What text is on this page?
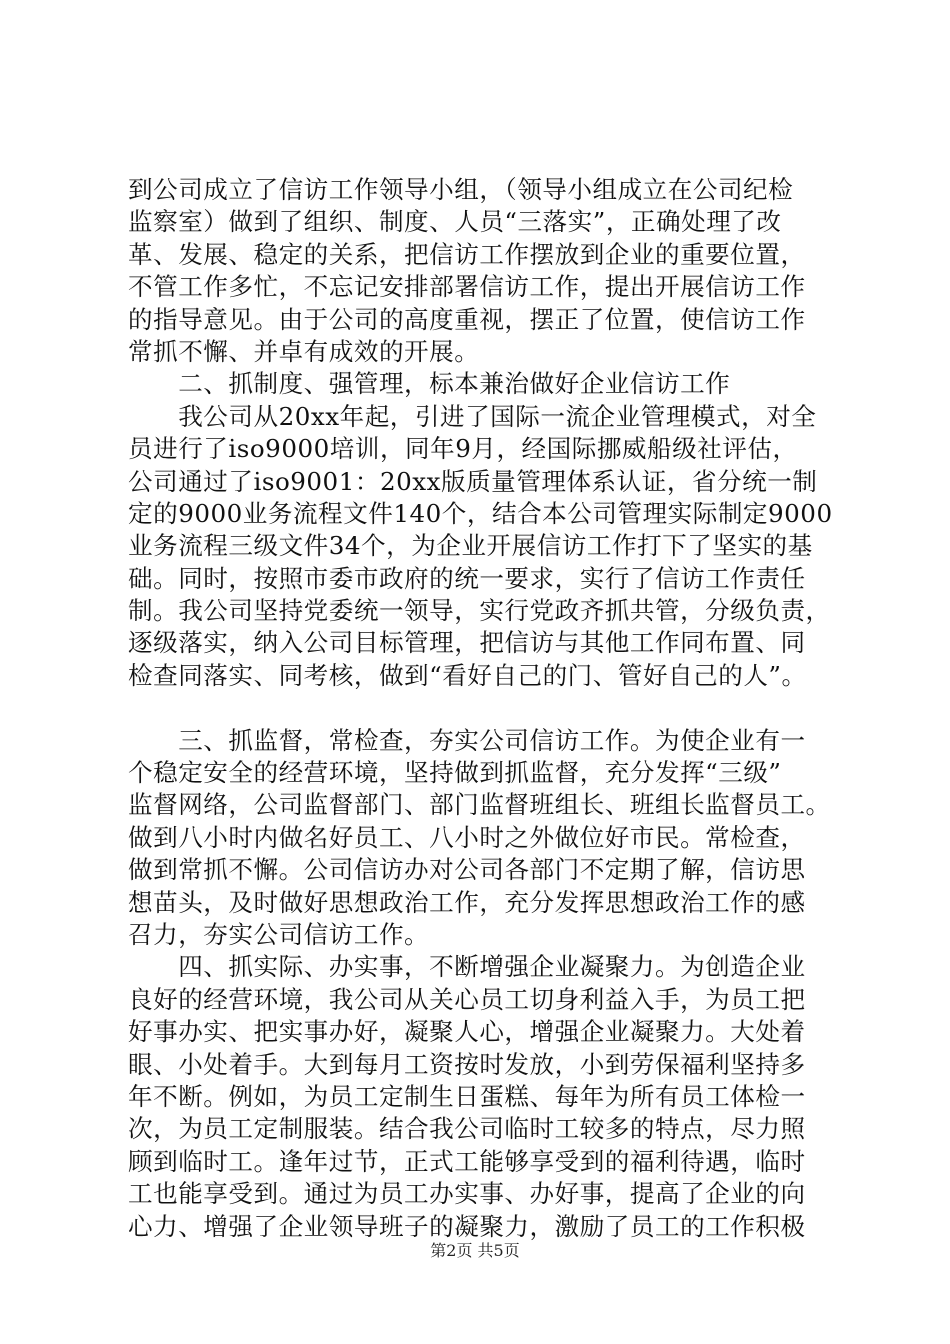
到公司成立了信访工作领导小组，（领导小组成立在公司纪检
监察室）做到了组织、制度、人员“三落实”，正确处理了改
革、发展、稳定的关系，把信访工作摆放到企业的重要位置，
不管工作多忙，不忘记安排部署信访工作，提出开展信访工作
的指导意见。由于公司的高度重视，摆正了位置，使信访工作
常抓不懈、并卓有成效的开展。
　　二、抓制度、强管理，标本兼治做好企业信访工作
　　我公司从20xx年起，引进了国际一流企业管理模式，对全
员进行了iso9000培训，同年9月，经国际挪威船级社评估，
公司通过了iso9001：20xx版质量管理体系认证，省分统一制
定的9000业务流程文件140个，结合本公司管理实际制定9000
业务流程三级文件34个，为企业开展信访工作打下了坚实的基
础。同时，按照市委市政府的统一要求，实行了信访工作责任
制。我公司坚持党委统一领导，实行党政齐抓共管，分级负责，
逐级落实，纳入公司目标管理，把信访与其他工作同布置、同
检查同落实、同考核，做到“看好自己的门、管好自己的人”。
　　三、抓监督，常检查，夯实公司信访工作。为使企业有一
个稳定安全的经营环境，坚持做到抓监督，充分发挥“三级”
监督网络，公司监督部门、部门监督班组长、班组长监督员工。
做到八小时内做名好员工、八小时之外做位好市民。常检查，
做到常抓不懈。公司信访办对公司各部门不定期了解，信访思
想苗头，及时做好思想政治工作，充分发挥思想政治工作的感
召力，夯实公司信访工作。
　　四、抓实际、办实事，不断增强企业凝聚力。为创造企业
良好的经营环境，我公司从关心员工切身利益入手，为员工把
好事办实、把实事办好，凝聚人心，增强企业凝聚力。大处着
眼、小处着手。大到每月工资按时发放，小到劳保福利坚持多
年不断。例如，为员工定制生日蛋糕、每年为所有员工体检一
次，为员工定制服装。结合我公司临时工较多的特点，尽力照
顾到临时工。逢年过节，正式工能够享受到的福利待遇，临时
工也能享受到。通过为员工办实事、办好事，提高了企业的向
心力、增强了企业领导班子的凝聚力，激励了员工的工作积极
第2页 共5页
